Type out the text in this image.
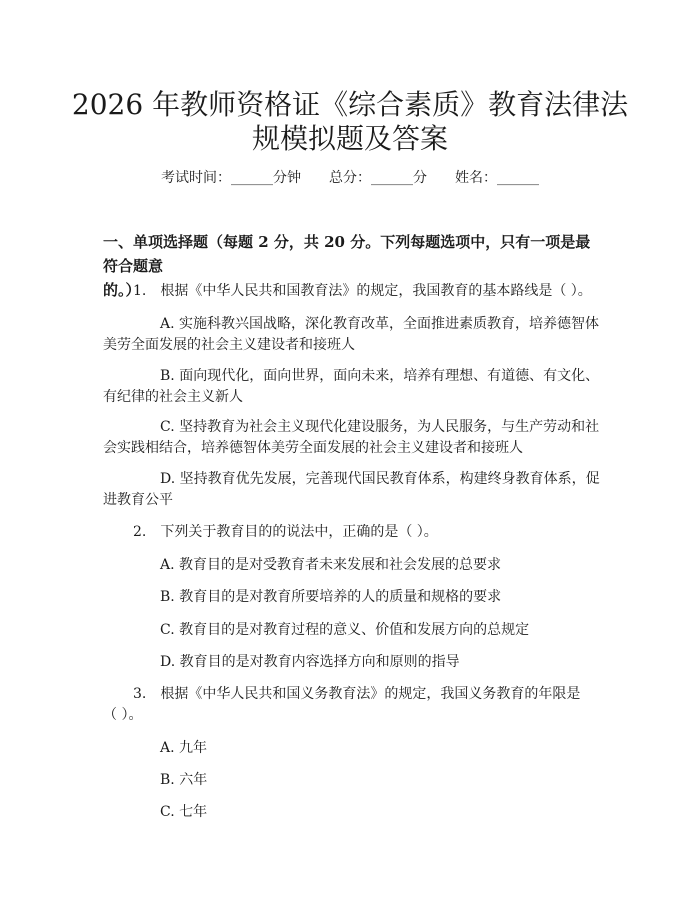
2026 年教师资格证《综合素质》教育法律法
规模拟题及答案
考试时间：______分钟　　 总分：______分　　 姓名：______
一、单项选择题（每题 2 分，共 20 分。下列每题选项中，只有一项是最符合题意
的。）
1.　根据《中华人民共和国教育法》的规定，我国教育的基本路线是（ ）。
A. 实施科教兴国战略，深化教育改革，全面推进素质教育，培养德智体
美劳全面发展的社会主义建设者和接班人
B. 面向现代化，面向世界，面向未来，培养有理想、有道德、有文化、
有纪律的社会主义新人
C. 坚持教育为社会主义现代化建设服务，为人民服务，与生产劳动和社
会实践相结合，培养德智体美劳全面发展的社会主义建设者和接班人
D. 坚持教育优先发展，完善现代国民教育体系，构建终身教育体系，促
进教育公平
2.　下列关于教育目的的说法中，正确的是（ ）。
A. 教育目的是对受教育者未来发展和社会发展的总要求
B. 教育目的是对教育所要培养的人的质量和规格的要求
C. 教育目的是对教育过程的意义、价值和发展方向的总规定
D. 教育目的是对教育内容选择方向和原则的指导
3.　根据《中华人民共和国义务教育法》的规定，我国义务教育的年限是
（ ）。
A. 九年
B. 六年
C. 七年
